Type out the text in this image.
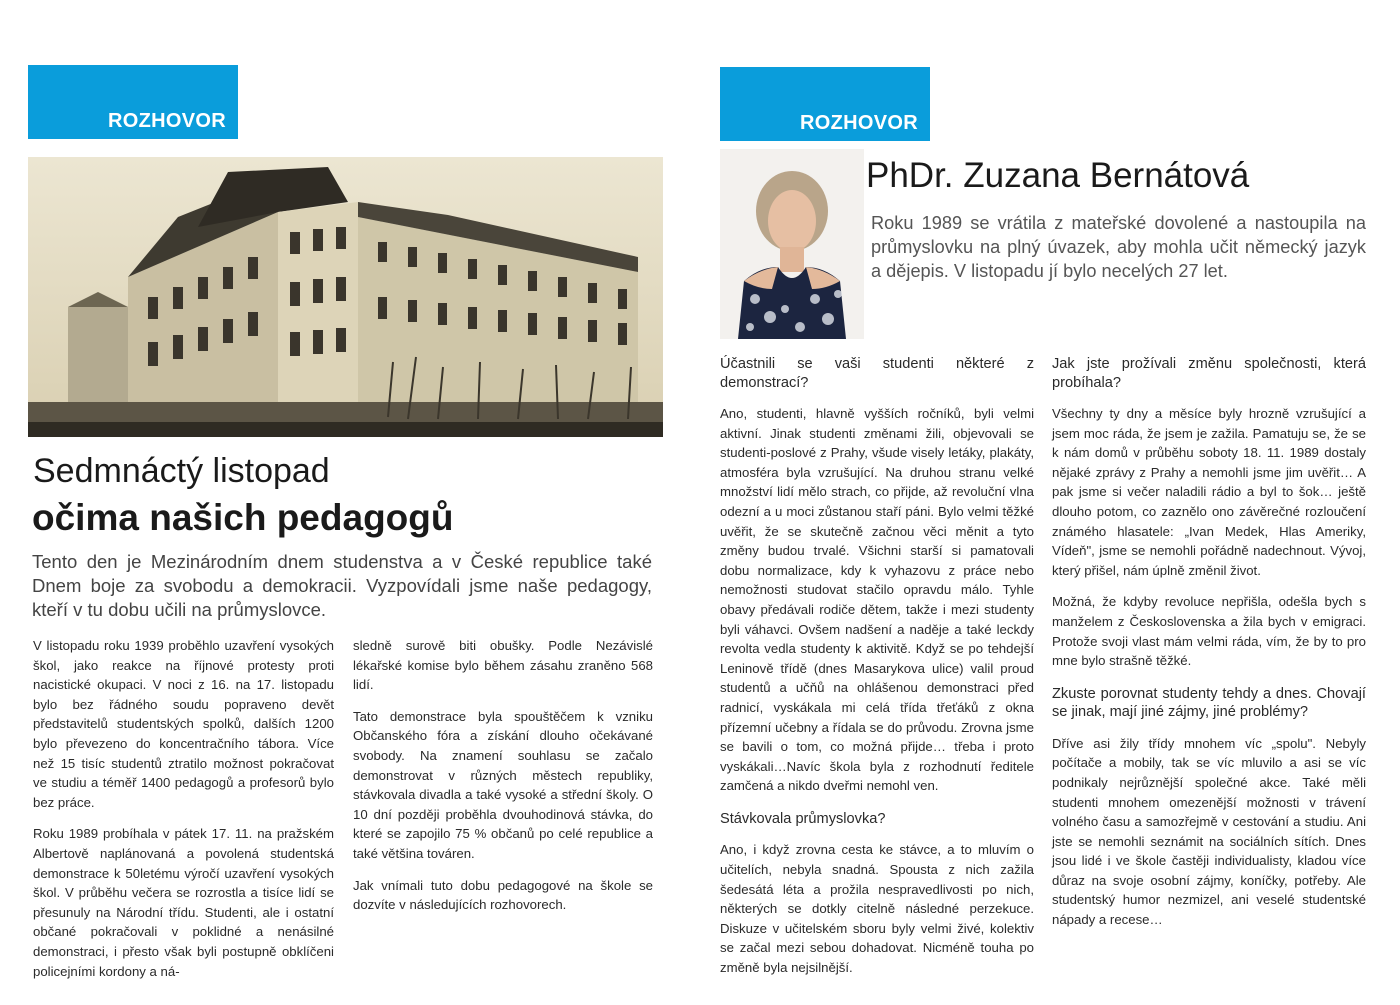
ROZHOVOR
Sedmnáctý listopad
očima našich pedagogů
Tento den je Mezinárodním dnem studenstva a v České republice také Dnem boje za svobodu a demokracii. Vyzpovídali jsme naše pedagogy, kteří v tu dobu učili na průmyslovce.

V listopadu roku 1939 proběhlo uzavření vysokých škol, jako reakce na říjnové protesty proti nacistické okupaci. V noci z 16. na 17. listopadu bylo bez řádného soudu popraveno devět představitelů studentských spolků, dalších 1200 bylo převezeno do koncentračního tábora. Více než 15 tisíc studentů ztratilo možnost pokračovat ve studiu a téměř 1400 pedagogů a profesorů bylo bez práce.

Roku 1989 probíhala v pátek 17. 11. na pražském Albertově naplánovaná a povolená studentská demonstrace k 50letému výročí uzavření vysokých škol. V průběhu večera se rozrostla a tisíce lidí se přesunuly na Národní třídu. Studenti, ale i ostatní občané pokračovali v poklidné a nenásilné demonstraci, i přesto však byli postupně obklíčeni policejními kordony a ná-

sledně surově biti obušky. Podle Nezávislé lékařské komise bylo během zásahu zraněno 568 lidí.

Tato demonstrace byla spouštěčem k vzniku Občanského fóra a získání dlouho očekávané svobody. Na znamení souhlasu se začalo demonstrovat v různých městech republiky, stávkovala divadla a také vysoké a střední školy. O 10 dní později proběhla dvouhodinová stávka, do které se zapojilo 75 % občanů po celé republice a také většina továren.

Jak vnímali tuto dobu pedagogové na škole se dozvíte v následujících rozhovorech.

ROZHOVOR
PhDr. Zuzana Bernátová
Roku 1989 se vrátila z mateřské dovolené a nastoupila na průmyslovku na plný úvazek, aby mohla učit německý jazyk a dějepis. V listopadu jí bylo necelých 27 let.

Účastnili se vaši studenti některé z demonstrací?

Ano, studenti, hlavně vyšších ročníků, byli velmi aktivní. Jinak studenti změnami žili, objevovali se studenti-poslové z Prahy, všude visely letáky, plakáty, atmosféra byla vzrušující. Na druhou stranu velké množství lidí mělo strach, co přijde, až revoluční vlna odezní a u moci zůstanou staří páni. Bylo velmi těžké uvěřit, že se skutečně začnou věci měnit a tyto změny budou trvalé. Všichni starší si pamatovali dobu normalizace, kdy k vyhazovu z práce nebo nemožnosti studovat stačilo opravdu málo. Tyhle obavy předávali rodiče dětem, takže i mezi studenty byli váhavci. Ovšem nadšení a naděje a také leckdy revolta vedla studenty k aktivitě. Když se po tehdejší Leninově třídě (dnes Masarykova ulice) valil proud studentů a učňů na ohlášenou demonstraci před radnicí, vyskákala mi celá třída třeťáků z okna přízemní učebny a řídala se do průvodu. Zrovna jsme se bavili o tom, co možná přijde… třeba i proto vyskákali…Navíc škola byla z rozhodnutí ředitele zamčená a nikdo dveřmi nemohl ven.

Stávkovala průmyslovka?

Ano, i když zrovna cesta ke stávce, a to mluvím o učitelích, nebyla snadná. Spousta z nich zažila šedesátá léta a prožila nespravedlivosti po nich, některých se dotkly citelně následné perzekuce. Diskuze v učitelském sboru byly velmi živé, kolektiv se začal mezi sebou dohadovat. Nicméně touha po změně byla nejsilnější.

Jak jste prožívali změnu společnosti, která probíhala?

Všechny ty dny a měsíce byly hrozně vzrušující a jsem moc ráda, že jsem je zažila. Pamatuju se, že se k nám domů v průběhu soboty 18. 11. 1989 dostaly nějaké zprávy z Prahy a nemohli jsme jim uvěřit… A pak jsme si večer naladili rádio a byl to šok… ještě dlouho potom, co zaznělo ono závěrečné rozloučení známého hlasatele: „Ivan Medek, Hlas Ameriky, Vídeň", jsme se nemohli pořádně nadechnout. Vývoj, který přišel, nám úplně změnil život.

Možná, že kdyby revoluce nepřišla, odešla bych s manželem z Československa a žila bych v emigraci. Protože svoji vlast mám velmi ráda, vím, že by to pro mne bylo strašně těžké.

Zkuste porovnat studenty tehdy a dnes. Chovají se jinak, mají jiné zájmy, jiné problémy?

Dříve asi žily třídy mnohem víc „spolu". Nebyly počítače a mobily, tak se víc mluvilo a asi se víc podnikaly nejrůznější společné akce. Také měli studenti mnohem omezenější možnosti v trávení volného času a samozřejmě v cestování a studiu. Ani jste se nemohli seznámit na sociálních sítích. Dnes jsou lidé i ve škole častěji individualisty, kladou více důraz na svoje osobní zájmy, koníčky, potřeby. Ale studentský humor nezmizel, ani veselé studentské nápady a recese…
